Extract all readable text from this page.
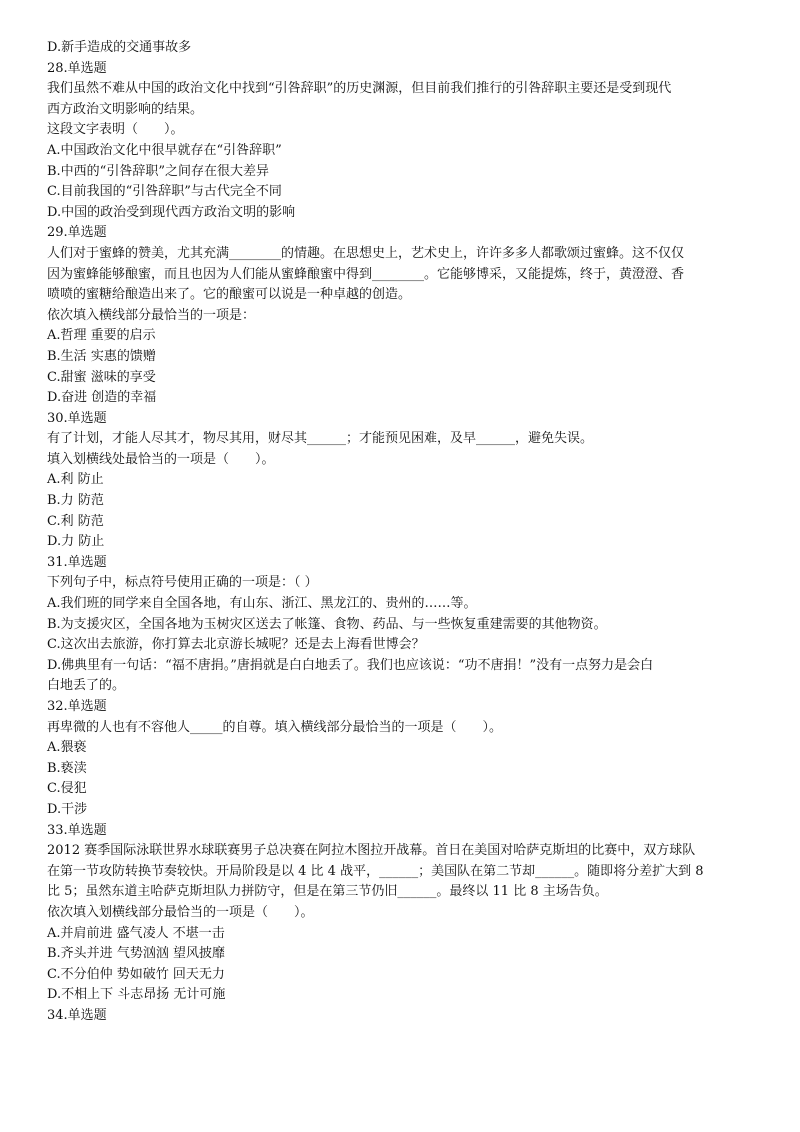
D.新手造成的交通事故多
28.单选题
我们虽然不难从中国的政治文化中找到“引咎辞职”的历史渊源，但目前我们推行的引咎辞职主要还是受到现代
西方政治文明影响的结果。
这段文字表明（　　）。
A.中国政治文化中很早就存在“引咎辞职”
B.中西的“引咎辞职”之间存在很大差异
C.目前我国的“引咎辞职”与古代完全不同
D.中国的政治受到现代西方政治文明的影响
29.单选题
人们对于蜜蜂的赞美，尤其充满________的情趣。在思想史上，艺术史上，许许多多人都歌颂过蜜蜂。这不仅仅
因为蜜蜂能够酿蜜，而且也因为人们能从蜜蜂酿蜜中得到________。它能够博采，又能提炼，终于，黄澄澄、香
喷喷的蜜糖给酿造出来了。它的酿蜜可以说是一种卓越的创造。
依次填入横线部分最恰当的一项是：
A.哲理 重要的启示
B.生活 实惠的馈赠
C.甜蜜 滋味的享受
D.奋进 创造的幸福
30.单选题
有了计划，才能人尽其才，物尽其用，财尽其______；才能预见困难，及早______，避免失误。
填入划横线处最恰当的一项是（　　）。
A.利 防止
B.力 防范
C.利 防范
D.力 防止
31.单选题
下列句子中，标点符号使用正确的一项是：（ ）
A.我们班的同学来自全国各地，有山东、浙江、黑龙江的、贵州的……等。
B.为支援灾区，全国各地为玉树灾区送去了帐篷、食物、药品、与一些恢复重建需要的其他物资。
C.这次出去旅游，你打算去北京游长城呢？还是去上海看世博会？
D.佛典里有一句话：“福不唐捐。”唐捐就是白白地丢了。我们也应该说：“功不唐捐！”没有一点努力是会白
白地丢了的。
32.单选题
再卑微的人也有不容他人_____的自尊。填入横线部分最恰当的一项是（　　）。
A.猥亵
B.亵渎
C.侵犯
D.干涉
33.单选题
2012 赛季国际泳联世界水球联赛男子总决赛在阿拉木图拉开战幕。首日在美国对哈萨克斯坦的比赛中，双方球队
在第一节攻防转换节奏较快。开局阶段是以 4 比 4 战平，______；美国队在第二节却______。随即将分差扩大到 8
比 5；虽然东道主哈萨克斯坦队力拼防守，但是在第三节仍旧______。最终以 11 比 8 主场告负。
依次填入划横线部分最恰当的一项是（　　）。
A.并肩前进 盛气凌人 不堪一击
B.齐头并进 气势汹汹 望风披靡
C.不分伯仲 势如破竹 回天无力
D.不相上下 斗志昂扬 无计可施
34.单选题
